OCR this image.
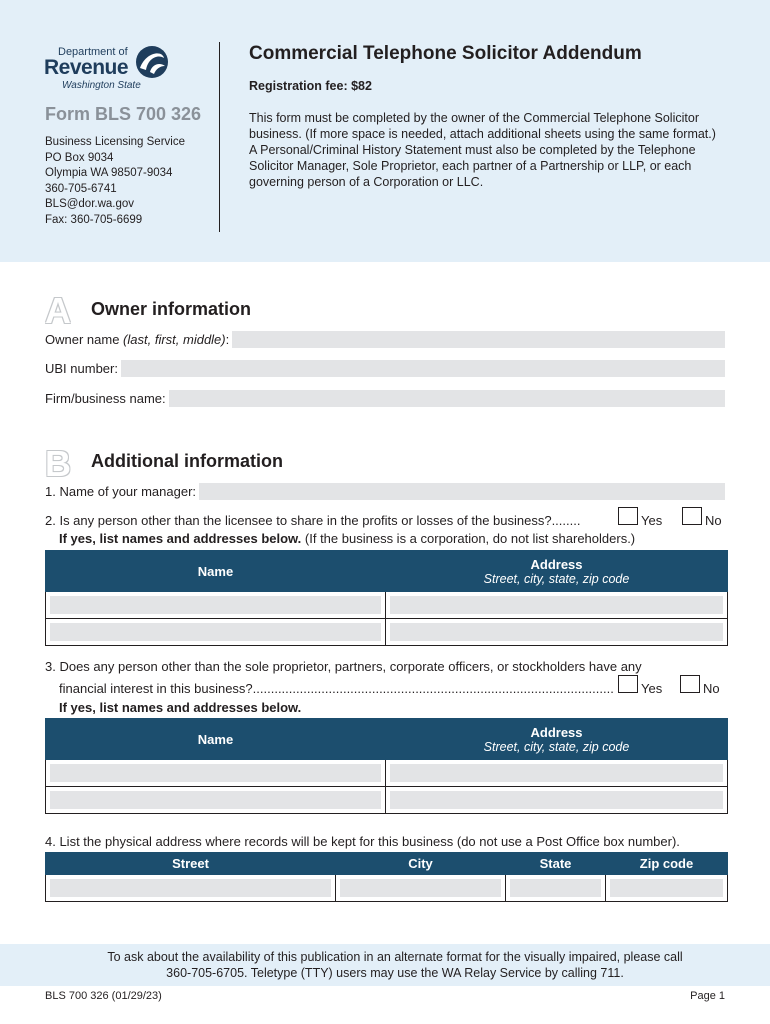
Department of
Revenue
Washington State
Form BLS 700 326
Business Licensing Service
PO Box 9034
Olympia WA 98507-9034
360-705-6741
BLS@dor.wa.gov
Fax: 360-705-6699
Commercial Telephone Solicitor Addendum
Registration fee: $82
This form must be completed by the owner of the Commercial Telephone Solicitor business. (If more space is needed, attach additional sheets using the same format.)
A Personal/Criminal History Statement must also be completed by the Telephone Solicitor Manager, Sole Proprietor, each partner of a Partnership or LLP, or each governing person of a Corporation or LLC.
A Owner information
Owner name (last, first, middle):
UBI number:
Firm/business name:
B Additional information
1. Name of your manager:
2. Is any person other than the licensee to share in the profits or losses of the business?........	Yes	No
If yes, list names and addresses below. (If the business is a corporation, do not list shareholders.)
Name	Address
Street, city, state, zip code

3. Does any person other than the sole proprietor, partners, corporate officers, or stockholders have any
financial interest in this business?.................................................................................................... Yes	No
If yes, list names and addresses below.
Name	Address
Street, city, state, zip code

4. List the physical address where records will be kept for this business (do not use a Post Office box number).
Street	City	State	Zip code

To ask about the availability of this publication in an alternate format for the visually impaired, please call
360-705-6705. Teletype (TTY) users may use the WA Relay Service by calling 711.
BLS 700 326 (01/29/23)	Page 1
